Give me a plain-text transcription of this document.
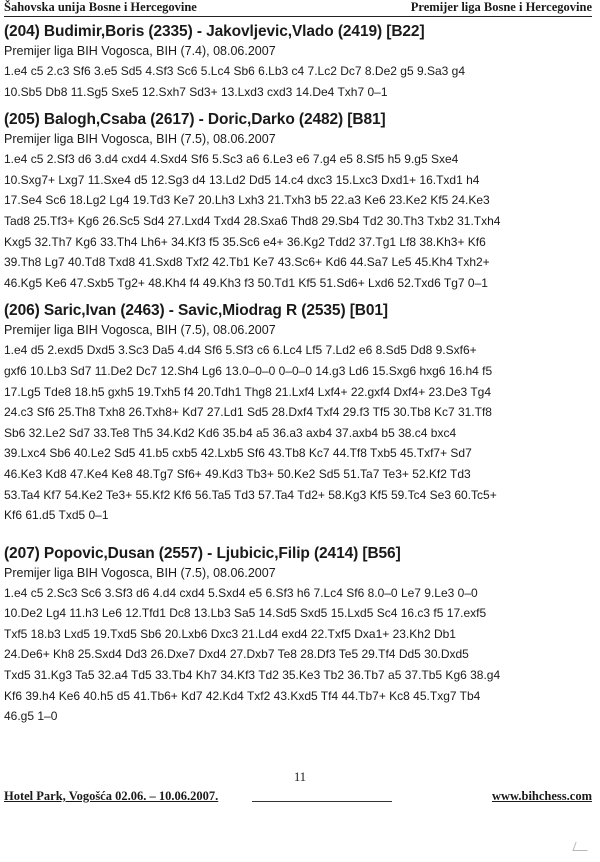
Šahovska unija Bosne i Hercegovine	Premijer liga Bosne i Hercegovine
(204) Budimir,Boris (2335) - Jakovljevic,Vlado (2419) [B22]
Premijer liga BIH Vogosca, BIH (7.4), 08.06.2007
1.e4 c5 2.c3 Sf6 3.e5 Sd5 4.Sf3 Sc6 5.Lc4 Sb6 6.Lb3 c4 7.Lc2 Dc7 8.De2 g5 9.Sa3 g4
10.Sb5 Db8 11.Sg5 Sxe5 12.Sxh7 Sd3+ 13.Lxd3 cxd3 14.De4 Txh7 0–1
(205) Balogh,Csaba (2617) - Doric,Darko (2482) [B81]
Premijer liga BIH Vogosca, BIH (7.5), 08.06.2007
1.e4 c5 2.Sf3 d6 3.d4 cxd4 4.Sxd4 Sf6 5.Sc3 a6 6.Le3 e6 7.g4 e5 8.Sf5 h5 9.g5 Sxe4
10.Sxg7+ Lxg7 11.Sxe4 d5 12.Sg3 d4 13.Ld2 Dd5 14.c4 dxc3 15.Lxc3 Dxd1+ 16.Txd1 h4
17.Se4 Sc6 18.Lg2 Lg4 19.Td3 Ke7 20.Lh3 Lxh3 21.Txh3 b5 22.a3 Ke6 23.Ke2 Kf5 24.Ke3
Tad8 25.Tf3+ Kg6 26.Sc5 Sd4 27.Lxd4 Txd4 28.Sxa6 Thd8 29.Sb4 Td2 30.Th3 Txb2 31.Txh4
Kxg5 32.Th7 Kg6 33.Th4 Lh6+ 34.Kf3 f5 35.Sc6 e4+ 36.Kg2 Tdd2 37.Tg1 Lf8 38.Kh3+ Kf6
39.Th8 Lg7 40.Td8 Txd8 41.Sxd8 Txf2 42.Tb1 Ke7 43.Sc6+ Kd6 44.Sa7 Le5 45.Kh4 Txh2+
46.Kg5 Ke6 47.Sxb5 Tg2+ 48.Kh4 f4 49.Kh3 f3 50.Td1 Kf5 51.Sd6+ Lxd6 52.Txd6 Tg7 0–1
(206) Saric,Ivan (2463) - Savic,Miodrag R (2535) [B01]
Premijer liga BIH Vogosca, BIH (7.5), 08.06.2007
1.e4 d5 2.exd5 Dxd5 3.Sc3 Da5 4.d4 Sf6 5.Sf3 c6 6.Lc4 Lf5 7.Ld2 e6 8.Sd5 Dd8 9.Sxf6+
gxf6 10.Lb3 Sd7 11.De2 Dc7 12.Sh4 Lg6 13.0–0–0 0–0–0 14.g3 Ld6 15.Sxg6 hxg6 16.h4 f5
17.Lg5 Tde8 18.h5 gxh5 19.Txh5 f4 20.Tdh1 Thg8 21.Lxf4 Lxf4+ 22.gxf4 Dxf4+ 23.De3 Tg4
24.c3 Sf6 25.Th8 Txh8 26.Txh8+ Kd7 27.Ld1 Sd5 28.Dxf4 Txf4 29.f3 Tf5 30.Tb8 Kc7 31.Tf8
Sb6 32.Le2 Sd7 33.Te8 Th5 34.Kd2 Kd6 35.b4 a5 36.a3 axb4 37.axb4 b5 38.c4 bxc4
39.Lxc4 Sb6 40.Le2 Sd5 41.b5 cxb5 42.Lxb5 Sf6 43.Tb8 Kc7 44.Tf8 Txb5 45.Txf7+ Sd7
46.Ke3 Kd8 47.Ke4 Ke8 48.Tg7 Sf6+ 49.Kd3 Tb3+ 50.Ke2 Sd5 51.Ta7 Te3+ 52.Kf2 Td3
53.Ta4 Kf7 54.Ke2 Te3+ 55.Kf2 Kf6 56.Ta5 Td3 57.Ta4 Td2+ 58.Kg3 Kf5 59.Tc4 Se3 60.Tc5+
Kf6 61.d5 Txd5 0–1
(207) Popovic,Dusan (2557) - Ljubicic,Filip (2414) [B56]
Premijer liga BIH Vogosca, BIH (7.5), 08.06.2007
1.e4 c5 2.Sc3 Sc6 3.Sf3 d6 4.d4 cxd4 5.Sxd4 e5 6.Sf3 h6 7.Lc4 Sf6 8.0–0 Le7 9.Le3 0–0
10.De2 Lg4 11.h3 Le6 12.Tfd1 Dc8 13.Lb3 Sa5 14.Sd5 Sxd5 15.Lxd5 Sc4 16.c3 f5 17.exf5
Txf5 18.b3 Lxd5 19.Txd5 Sb6 20.Lxb6 Dxc3 21.Ld4 exd4 22.Txf5 Dxa1+ 23.Kh2 Db1
24.De6+ Kh8 25.Sxd4 Dd3 26.Dxe7 Dxd4 27.Dxb7 Te8 28.Df3 Te5 29.Tf4 Dd5 30.Dxd5
Txd5 31.Kg3 Ta5 32.a4 Td5 33.Tb4 Kh7 34.Kf3 Td2 35.Ke3 Tb2 36.Tb7 a5 37.Tb5 Kg6 38.g4
Kf6 39.h4 Ke6 40.h5 d5 41.Tb6+ Kd7 42.Kd4 Txf2 43.Kxd5 Tf4 44.Tb7+ Kc8 45.Txg7 Tb4
46.g5 1–0
11
Hotel Park, Vogošća 02.06. – 10.06.2007.	www.bihchess.com
